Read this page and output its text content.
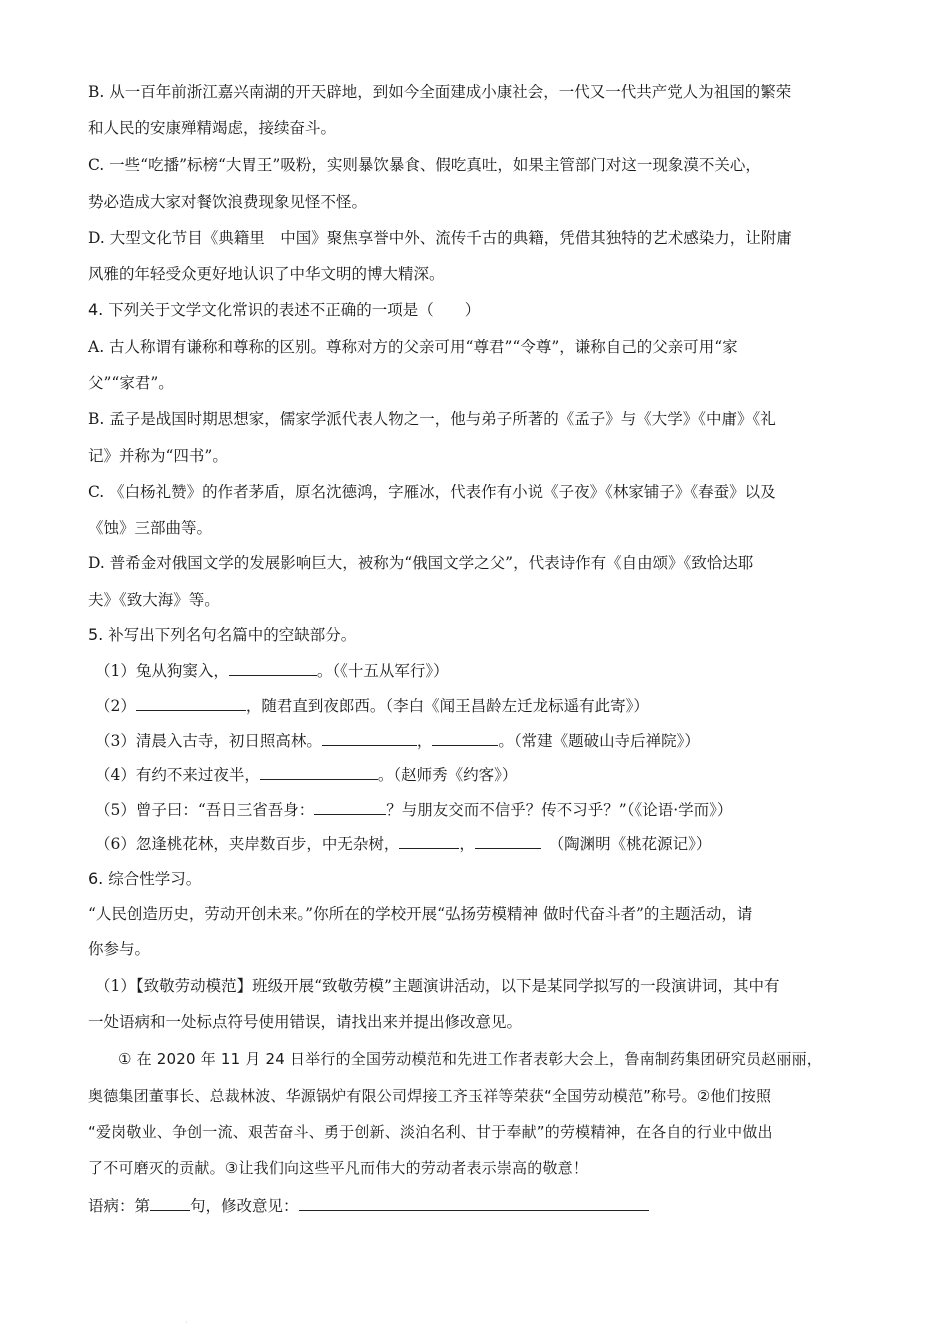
B. 从一百年前浙江嘉兴南湖的开天辟地，到如今全面建成小康社会，一代又一代共产党人为祖国的繁荣
和人民的安康殚精竭虑，接续奋斗。
C. 一些“吃播”标榜“大胃王”吸粉，实则暴饮暴食、假吃真吐，如果主管部门对这一现象漠不关心，
势必造成大家对餐饮浪费现象见怪不怪。
D. 大型文化节目《典籍里　中国》聚焦享誉中外、流传千古的典籍，凭借其独特的艺术感染力，让附庸
风雅的年轻受众更好地认识了中华文明的博大精深。
4. 下列关于文学文化常识的表述不正确的一项是（　　）
A. 古人称谓有谦称和尊称的区别。尊称对方的父亲可用“尊君”“令尊”，谦称自己的父亲可用“家
父”“家君”。
B. 孟子是战国时期思想家，儒家学派代表人物之一，他与弟子所著的《孟子》与《大学》《中庸》《礼
记》并称为“四书”。
C. 《白杨礼赞》的作者茅盾，原名沈德鸿，字雁冰，代表作有小说《子夜》《林家铺子》《春蚕》以及
《蚀》三部曲等。
D. 普希金对俄国文学的发展影响巨大，被称为“俄国文学之父”，代表诗作有《自由颂》《致恰达耶
夫》《致大海》等。
5. 补写出下列名句名篇中的空缺部分。
（1）兔从狗窦入，	。（《十五从军行》）
（2）	，随君直到夜郎西。（李白《闻王昌龄左迁龙标遥有此寄》）
（3）清晨入古寺，初日照高林。	，	。（常建《题破山寺后禅院》）
（4）有约不来过夜半，	。（赵师秀《约客》）
（5）曾子曰：“吾日三省吾身：	？与朋友交而不信乎？传不习乎？”（《论语·学而》）
（6）忽逢桃花林，夹岸数百步，中无杂树，	，　	（陶渊明《桃花源记》）
6. 综合性学习。
“人民创造历史，劳动开创未来。”你所在的学校开展“弘扬劳模精神 做时代奋斗者”的主题活动，请
你参与。
（1）【致敬劳动模范】班级开展“致敬劳模”主题演讲活动，以下是某同学拟写的一段演讲词，其中有
一处语病和一处标点符号使用错误，请找出来并提出修改意见。
① 在 2020 年 11 月 24 日举行的全国劳动模范和先进工作者表彰大会上，鲁南制药集团研究员赵丽丽，
奥德集团董事长、总裁林波、华源锅炉有限公司焊接工齐玉祥等荣获“全国劳动模范”称号。②他们按照
“爱岗敬业、争创一流、艰苦奋斗、勇于创新、淡泊名利、甘于奉献”的劳模精神，在各自的行业中做出
了不可磨灭的贡献。③让我们向这些平凡而伟大的劳动者表示崇高的敬意！
语病：第	句，修改意见：
·
